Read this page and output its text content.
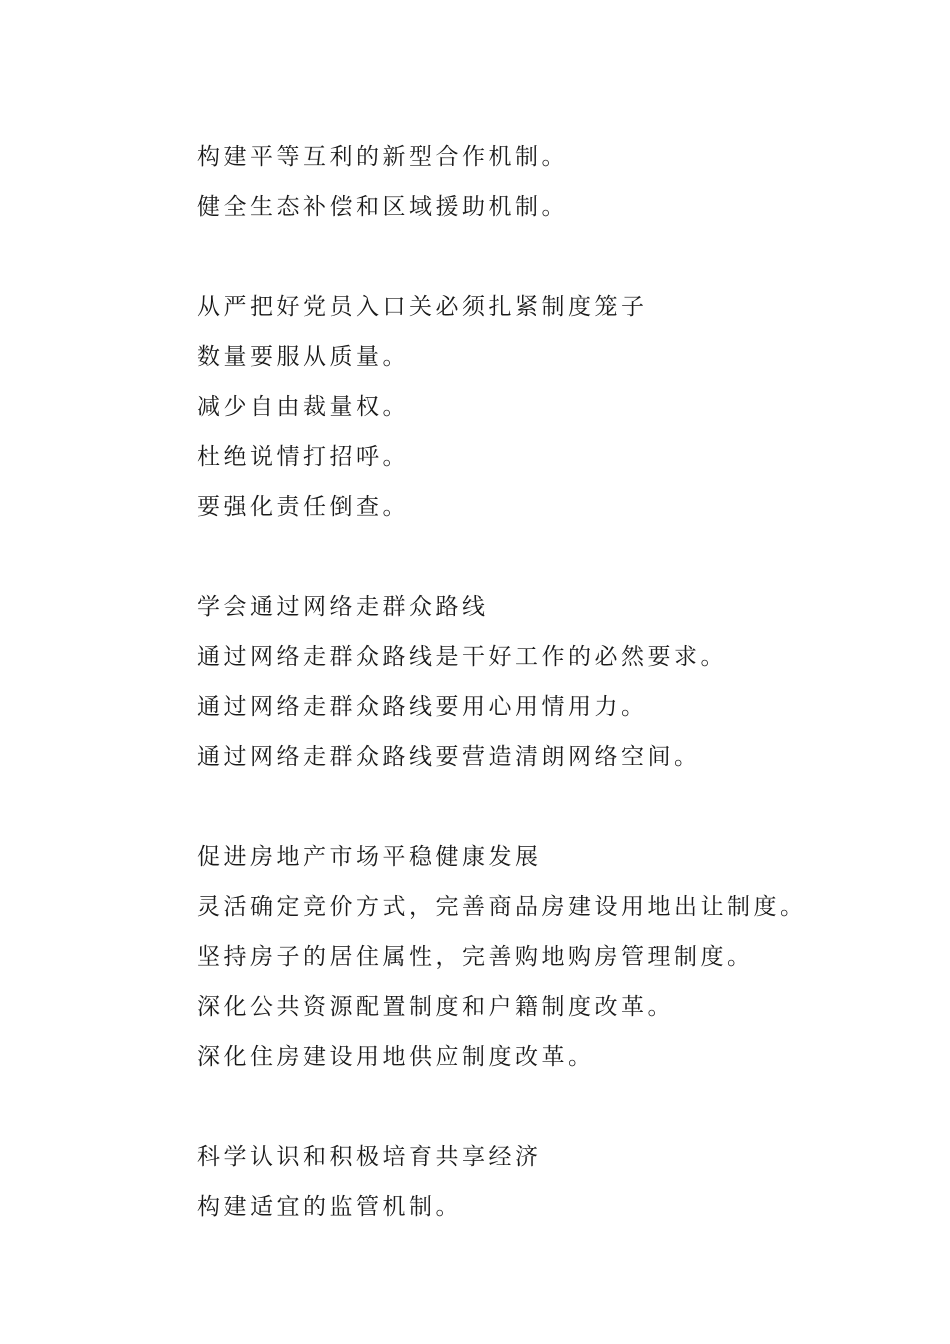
构建平等互利的新型合作机制。
健全生态补偿和区域援助机制。
从严把好党员入口关必须扎紧制度笼子
数量要服从质量。
减少自由裁量权。
杜绝说情打招呼。
要强化责任倒查。
学会通过网络走群众路线
通过网络走群众路线是干好工作的必然要求。
通过网络走群众路线要用心用情用力。
通过网络走群众路线要营造清朗网络空间。
促进房地产市场平稳健康发展
灵活确定竞价方式，完善商品房建设用地出让制度。
坚持房子的居住属性，完善购地购房管理制度。
深化公共资源配置制度和户籍制度改革。
深化住房建设用地供应制度改革。
科学认识和积极培育共享经济
构建适宜的监管机制。
